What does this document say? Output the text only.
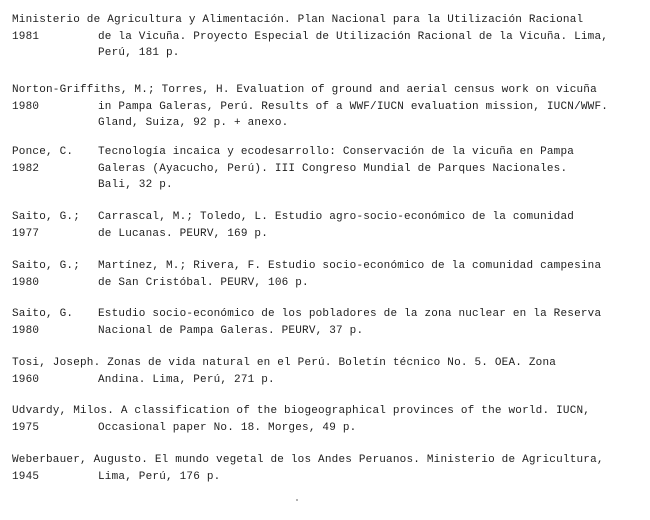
Ministerio de Agricultura y Alimentación. Plan Nacional para la Utilización Racional
1981	de la Vicuña. Proyecto Especial de Utilización Racional de la Vicuña. Lima,
Perú, 181 p.
Norton-Griffiths, M.; Torres, H. Evaluation of ground and aerial census work on vicuña
1980	in Pampa Galeras, Perú. Results of a WWF/IUCN evaluation mission, IUCN/WWF.
Gland, Suiza, 92 p. + anexo.
Ponce, C. Tecnología incaica y ecodesarrollo: Conservación de la vicuña en Pampa
1982	Galeras (Ayacucho, Perú). III Congreso Mundial de Parques Nacionales.
Bali, 32 p.
Saito, G.; Carrascal, M.; Toledo, L. Estudio agro-socio-económico de la comunidad
1977	de Lucanas. PEURV, 169 p.
Saito, G.; Martínez, M.; Rivera, F. Estudio socio-económico de la comunidad campesina
1980	de San Cristóbal. PEURV, 106 p.
Saito, G. Estudio socio-económico de los pobladores de la zona nuclear en la Reserva
1980	Nacional de Pampa Galeras. PEURV, 37 p.
Tosi, Joseph. Zonas de vida natural en el Perú. Boletín técnico No. 5. OEA. Zona
1960	Andina. Lima, Perú, 271 p.
Udvardy, Milos. A classification of the biogeographical provinces of the world. IUCN,
1975	Occasional paper No. 18. Morges, 49 p.
Weberbauer, Augusto. El mundo vegetal de los Andes Peruanos. Ministerio de Agricultura,
1945	Lima, Perú, 176 p.
